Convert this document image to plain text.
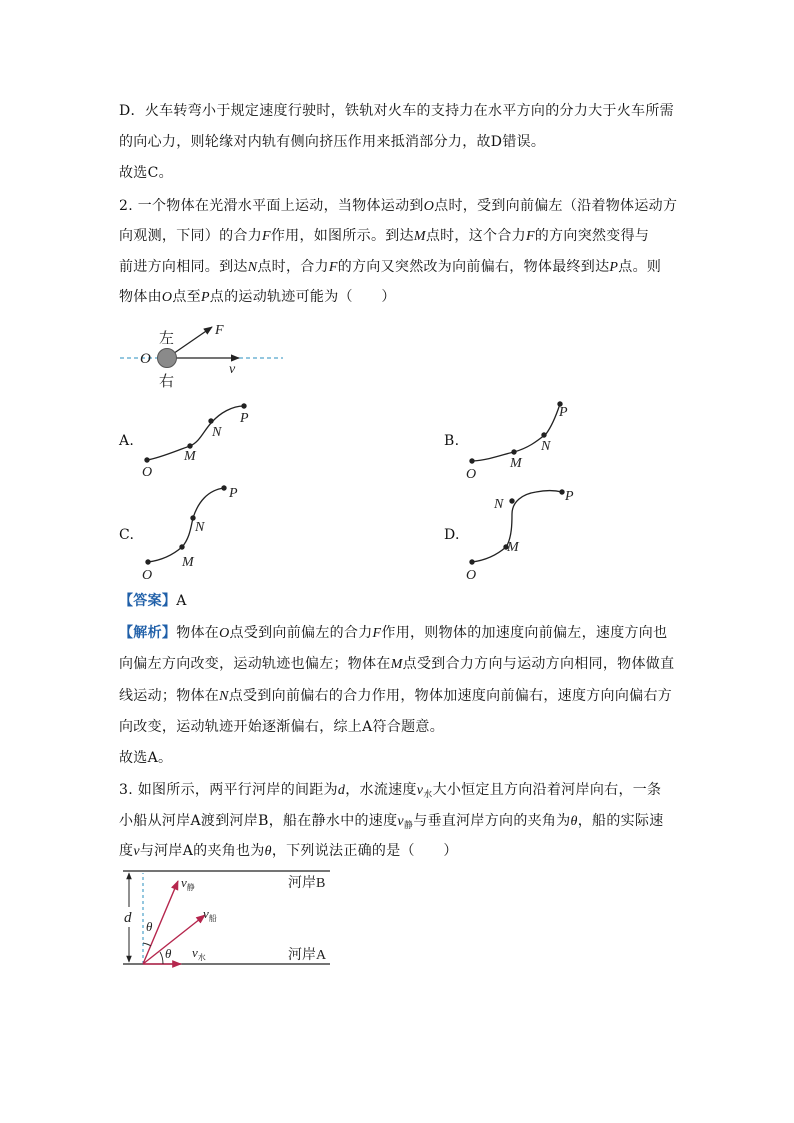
D．火车转弯小于规定速度行驶时，铁轨对火车的支持力在水平方向的分力大于火车所需
的向心力，则轮缘对内轨有侧向挤压作用来抵消部分力，故D错误。
故选C。
2. 一个物体在光滑水平面上运动，当物体运动到O点时，受到向前偏左（沿着物体运动方
向观测，下同）的合力F作用，如图所示。到达M点时，这个合力F的方向突然变得与
前进方向相同。到达N点时，合力F的方向又突然改为向前偏右，物体最终到达P点。则
物体由O点至P点的运动轨迹可能为（　　）
左
右
O
F
v
A.
O
M
N
P
B.
O
M
N
P
C.
O
M
N
P
D.
O
M
N
P
【答案】A
【解析】物体在O点受到向前偏左的合力F作用，则物体的加速度向前偏左，速度方向也
向偏左方向改变，运动轨迹也偏左；物体在M点受到合力方向与运动方向相同，物体做直
线运动；物体在N点受到向前偏右的合力作用，物体加速度向前偏右，速度方向向偏右方
向改变，运动轨迹开始逐渐偏右，综上A符合题意。
故选A。
3. 如图所示，两平行河岸的间距为d，水流速度$v_水$大小恒定且方向沿着河岸向右，一条
小船从河岸A渡到河岸B，船在静水中的速度$v_静$与垂直河岸方向的夹角为θ，船的实际速
度v与河岸A的夹角也为θ，下列说法正确的是（　　）
d
θ
θ
$v_静$
$v_船$
$v_水$
河岸B
河岸A
